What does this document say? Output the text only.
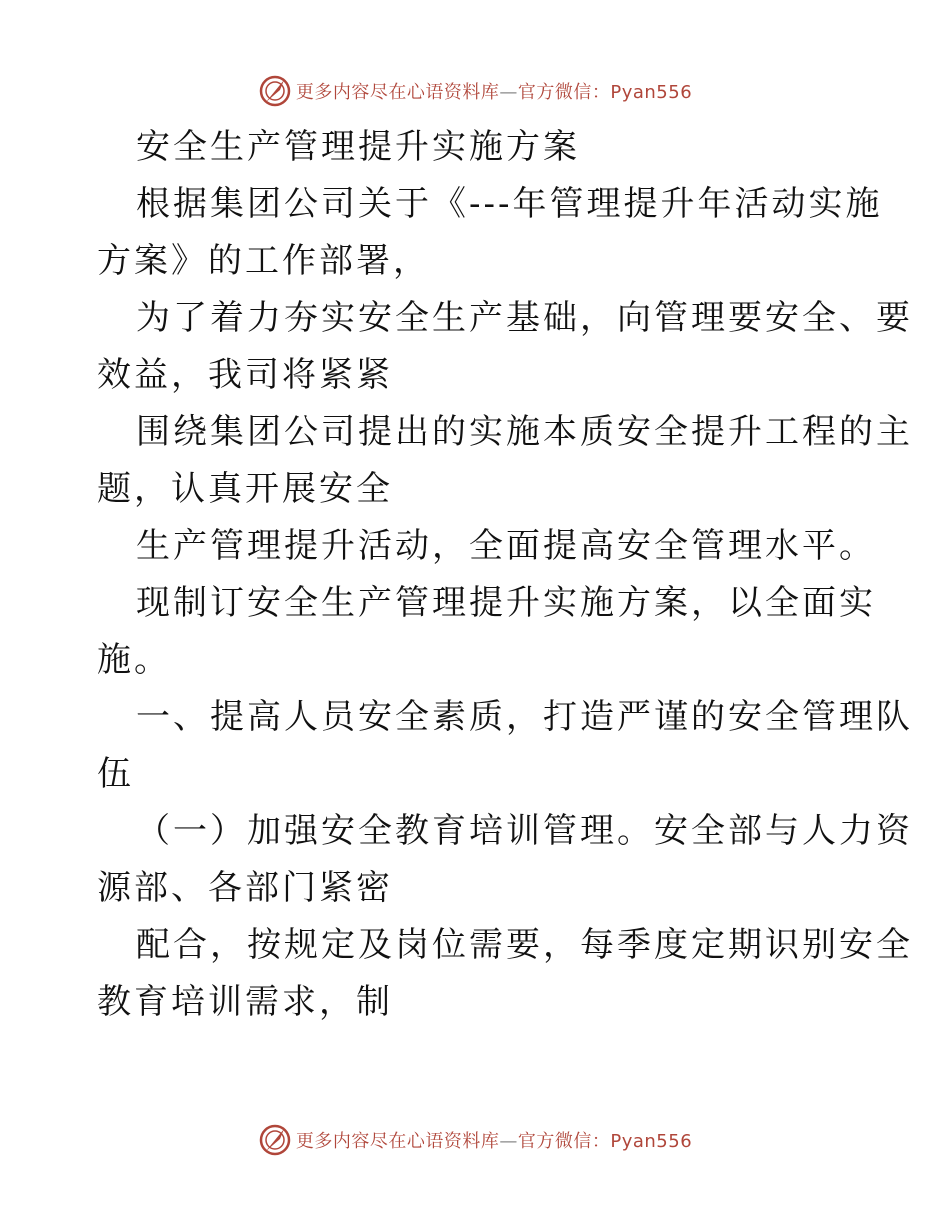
更多内容尽在心语资料库—官方微信：Pyan556

安全生产管理提升实施方案

根据集团公司关于《---年管理提升年活动实施

方案》的工作部署，

为了着力夯实安全生产基础，向管理要安全、要

效益，我司将紧紧

围绕集团公司提出的实施本质安全提升工程的主

题，认真开展安全

生产管理提升活动，全面提高安全管理水平。

现制订安全生产管理提升实施方案，以全面实

施。

一、提高人员安全素质，打造严谨的安全管理队

伍

（一）加强安全教育培训管理。安全部与人力资

源部、各部门紧密

配合，按规定及岗位需要，每季度定期识别安全

教育培训需求，制

更多内容尽在心语资料库—官方微信：Pyan556
